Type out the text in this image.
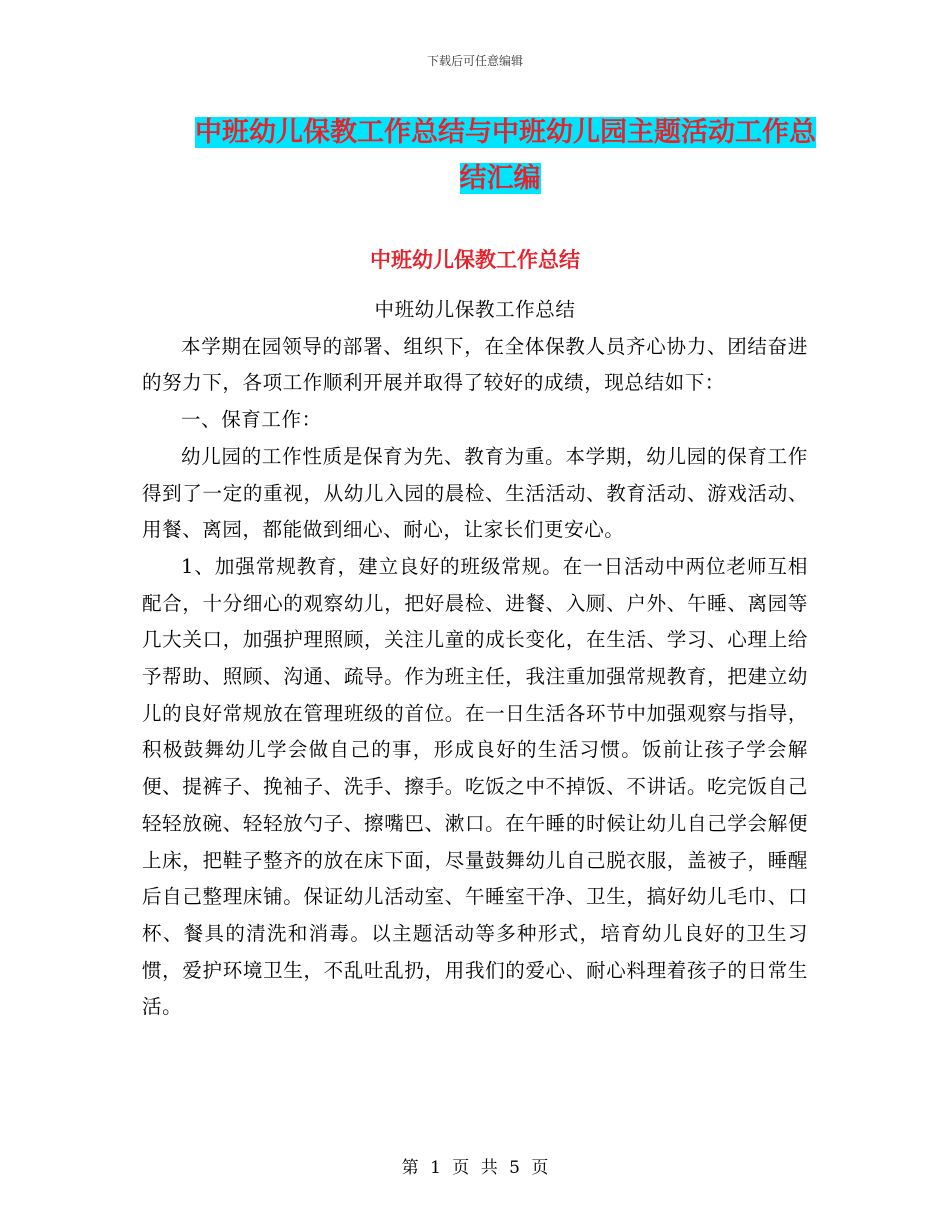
下载后可任意编辑
中班幼儿保教工作总结与中班幼儿园主题活动工作总
结汇编
中班幼儿保教工作总结

中班幼儿保教工作总结

本学期在园领导的部署、组织下，在全体保教人员齐心协力、团结奋进的努力下，各项工作顺利开展并取得了较好的成绩，现总结如下：

一、保育工作：

幼儿园的工作性质是保育为先、教育为重。本学期，幼儿园的保育工作得到了一定的重视，从幼儿入园的晨检、生活活动、教育活动、游戏活动、用餐、离园，都能做到细心、耐心，让家长们更安心。

1、加强常规教育，建立良好的班级常规。在一日活动中两位老师互相配合，十分细心的观察幼儿，把好晨检、进餐、入厕、户外、午睡、离园等几大关口，加强护理照顾，关注儿童的成长变化，在生活、学习、心理上给予帮助、照顾、沟通、疏导。作为班主任，我注重加强常规教育，把建立幼儿的良好常规放在管理班级的首位。在一日生活各环节中加强观察与指导，积极鼓舞幼儿学会做自己的事，形成良好的生活习惯。饭前让孩子学会解便、提裤子、挽袖子、洗手、擦手。吃饭之中不掉饭、不讲话。吃完饭自己轻轻放碗、轻轻放勺子、擦嘴巴、漱口。在午睡的时候让幼儿自己学会解便上床，把鞋子整齐的放在床下面，尽量鼓舞幼儿自己脱衣服，盖被子，睡醒后自己整理床铺。保证幼儿活动室、午睡室干净、卫生，搞好幼儿毛巾、口杯、餐具的清洗和消毒。以主题活动等多种形式，培育幼儿良好的卫生习惯，爱护环境卫生，不乱吐乱扔，用我们的爱心、耐心料理着孩子的日常生活。

第 1 页 共 5 页
